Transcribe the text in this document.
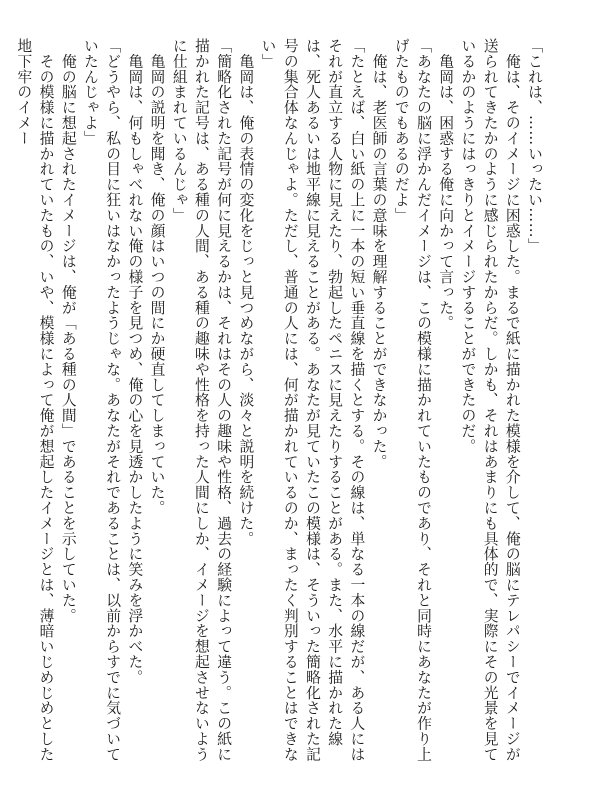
「これは、……いったい……」

　俺は、そのイメージに困惑した。まるで紙に描かれた模様を介して、俺の脳にテレパシーでイメージが送られてきたかのように感じられたからだ。しかも、それはあまりにも具体的で、実際にその光景を見ているかのようにはっきりとイメージすることができたのだ。

　亀岡は、困惑する俺に向かって言った。

「あなたの脳に浮かんだイメージは、この模様に描かれていたものであり、それと同時にあなたが作り上げたものでもあるのだよ」

　俺は、老医師の言葉の意味を理解することができなかった。

「たとえば、白い紙の上に一本の短い垂直線を描くとする。その線は、単なる一本の線だが、ある人にはそれが直立する人物に見えたり、勃起したペニスに見えたりすることがある。また、水平に描かれた線は、死人あるいは地平線に見えることがある。あなたが見ていたこの模様は、そういった簡略化された記号の集合体なんじゃよ。ただし、普通の人には、何が描かれているのか、まったく判別することはできない」

　亀岡は、俺の表情の変化をじっと見つめながら、淡々と説明を続けた。

「簡略化された記号が何に見えるかは、それはその人の趣味や性格、過去の経験によって違う。この紙に描かれた記号は、ある種の人間、ある種の趣味や性格を持った人間にしか、イメージを想起させないように仕組まれているんじゃ」

　亀岡の説明を聞き、俺の顔はいつの間にか硬直してしまっていた。

　亀岡は、何もしゃべれない俺の様子を見つめ、俺の心を見透かしたように笑みを浮かべた。

「どうやら、私の目に狂いはなかったようじゃな。あなたがそれであることは、以前からすでに気づいていたんじゃよ」

　俺の脳に想起されたイメージは、俺が「ある種の人間」であることを示していた。

　その模様に描かれていたもの、いや、模様によって俺が想起したイメージとは、薄暗いじめじめとした地下牢のイメー
